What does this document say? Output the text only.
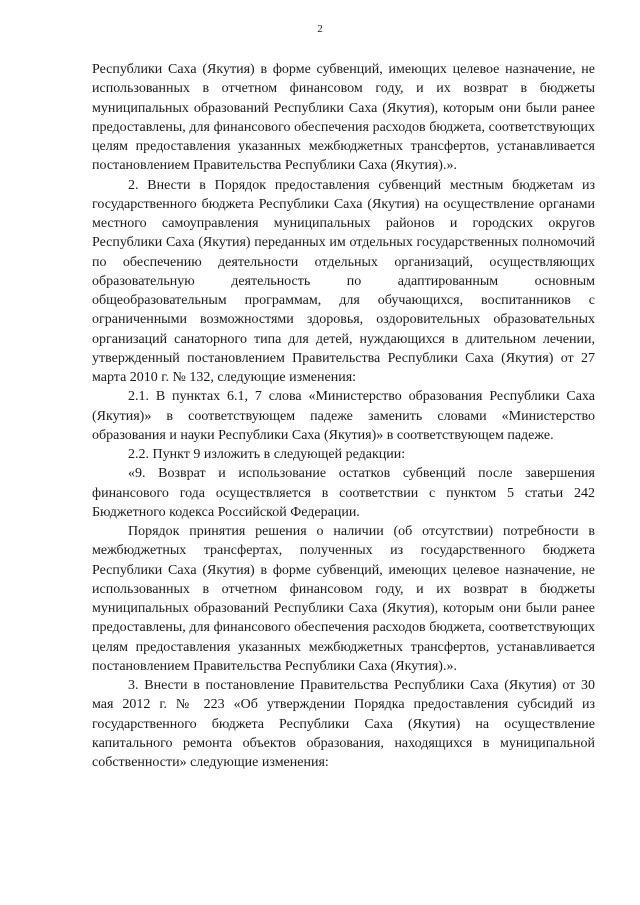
2

Республики Саха (Якутия) в форме субвенций, имеющих целевое назначение, не использованных в отчетном финансовом году, и их возврат в бюджеты муниципальных образований Республики Саха (Якутия), которым они были ранее предоставлены, для финансового обеспечения расходов бюджета, соответствующих целям предоставления указанных межбюджетных трансфертов, устанавливается постановлением Правительства Республики Саха (Якутия).».

2. Внести в Порядок предоставления субвенций местным бюджетам из государственного бюджета Республики Саха (Якутия) на осуществление органами местного самоуправления муниципальных районов и городских округов Республики Саха (Якутия) переданных им отдельных государственных полномочий по обеспечению деятельности отдельных организаций, осуществляющих образовательную деятельность по адаптированным основным общеобразовательным программам, для обучающихся, воспитанников с ограниченными возможностями здоровья, оздоровительных образовательных организаций санаторного типа для детей, нуждающихся в длительном лечении, утвержденный постановлением Правительства Республики Саха (Якутия) от 27 марта 2010 г. № 132, следующие изменения:

2.1. В пунктах 6.1, 7 слова «Министерство образования Республики Саха (Якутия)» в соответствующем падеже заменить словами «Министерство образования и науки Республики Саха (Якутия)» в соответствующем падеже.

2.2. Пункт 9 изложить в следующей редакции:

«9. Возврат и использование остатков субвенций после завершения финансового года осуществляется в соответствии с пунктом 5 статьи 242 Бюджетного кодекса Российской Федерации.

Порядок принятия решения о наличии (об отсутствии) потребности в межбюджетных трансфертах, полученных из государственного бюджета Республики Саха (Якутия) в форме субвенций, имеющих целевое назначение, не использованных в отчетном финансовом году, и их возврат в бюджеты муниципальных образований Республики Саха (Якутия), которым они были ранее предоставлены, для финансового обеспечения расходов бюджета, соответствующих целям предоставления указанных межбюджетных трансфертов, устанавливается постановлением Правительства Республики Саха (Якутия).».

3. Внести в постановление Правительства Республики Саха (Якутия) от 30 мая 2012 г. № 223 «Об утверждении Порядка предоставления субсидий из государственного бюджета Республики Саха (Якутия) на осуществление капитального ремонта объектов образования, находящихся в муниципальной собственности» следующие изменения:
